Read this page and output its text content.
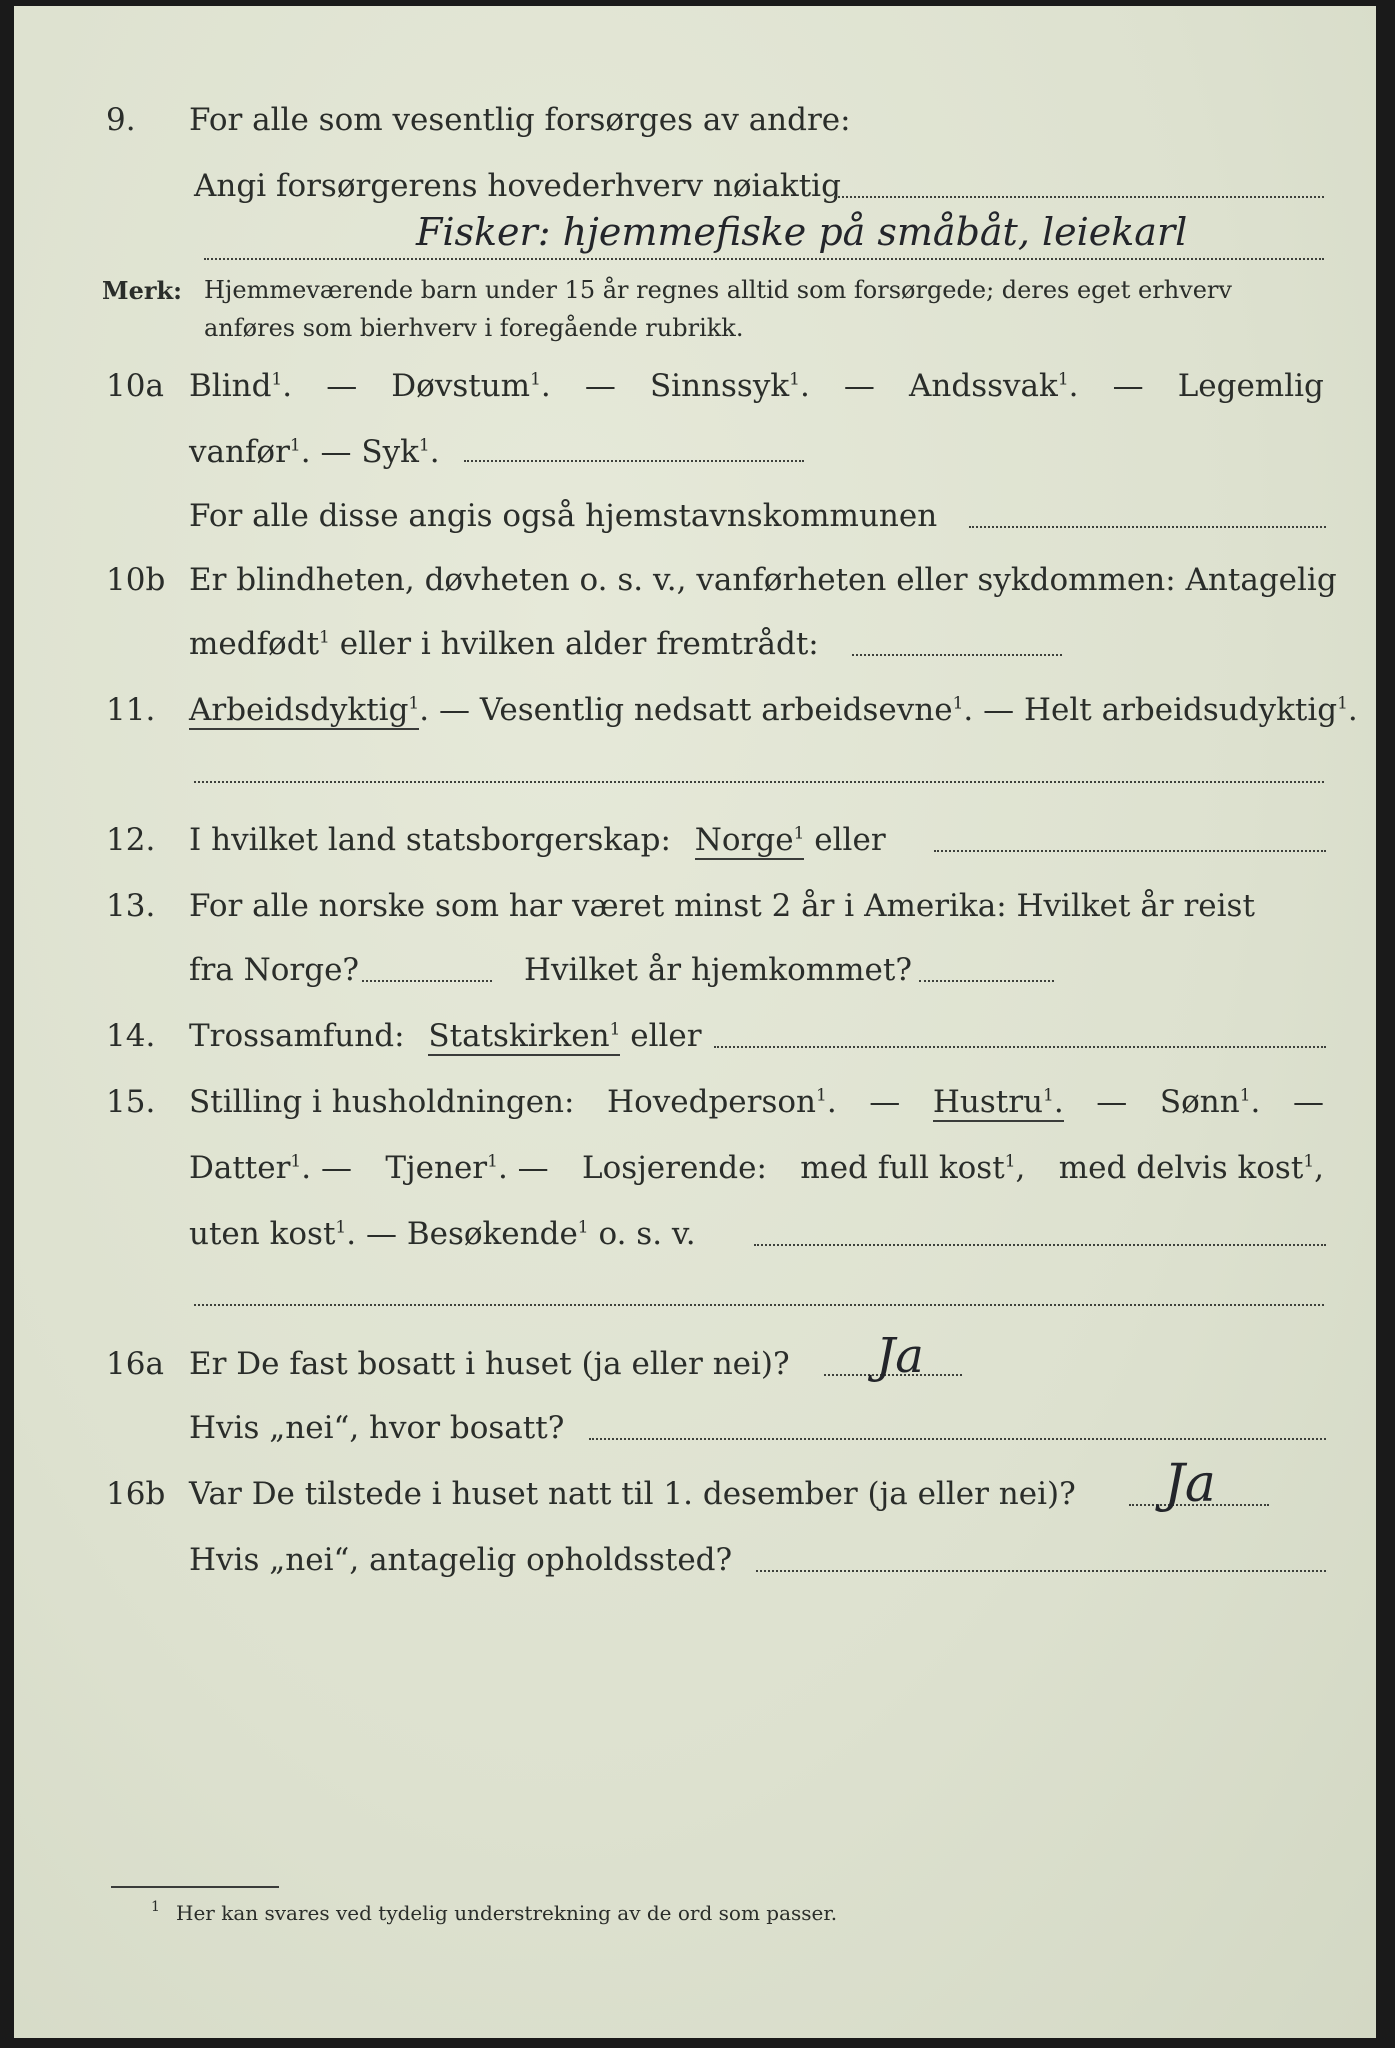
9. For alle som vesentlig forsørges av andre:
Angi forsørgerens hovederhverv nøiaktig
Fisker: hjemmefiske på småbåt, leiekarl
Merk: Hjemmeværende barn under 15 år regnes alltid som forsørgede; deres eget erhverv
anføres som bierhverv i foregående rubrikk.
10a Blind$^1$. — Døvstum$^1$. — Sinnssyk$^1$. — Andssvak$^1$. — Legemlig
vanfør$^1$. — Syk$^1$.
For alle disse angis også hjemstavnskommunen
10b Er blindheten, døvheten o. s. v., vanførheten eller sykdommen: Antagelig
medfødt$^1$ eller i hvilken alder fremtrådt:
11. Arbeidsdyktig$^1$. — Vesentlig nedsatt arbeidsevne$^1$. — Helt arbeidsudyktig$^1$.
12. I hvilket land statsborgerskap: Norge$^1$ eller
13. For alle norske som har været minst 2 år i Amerika: Hvilket år reist
fra Norge?	Hvilket år hjemkommet?
14. Trossamfund: Statskirken$^1$ eller
15. Stilling i husholdningen: Hovedperson$^1$. — Hustru$^1$. — Sønn$^1$. —
Datter$^1$. — Tjener$^1$. — Losjerende: med full kost$^1$, med delvis kost$^1$,
uten kost$^1$. — Besøkende$^1$ o. s. v.
16a Er De fast bosatt i huset (ja eller nei)? Ja
Hvis „nei“, hvor bosatt?
16b Var De tilstede i huset natt til 1. desember (ja eller nei)? Ja
Hvis „nei“, antagelig opholdssted?
1 Her kan svares ved tydelig understrekning av de ord som passer.
